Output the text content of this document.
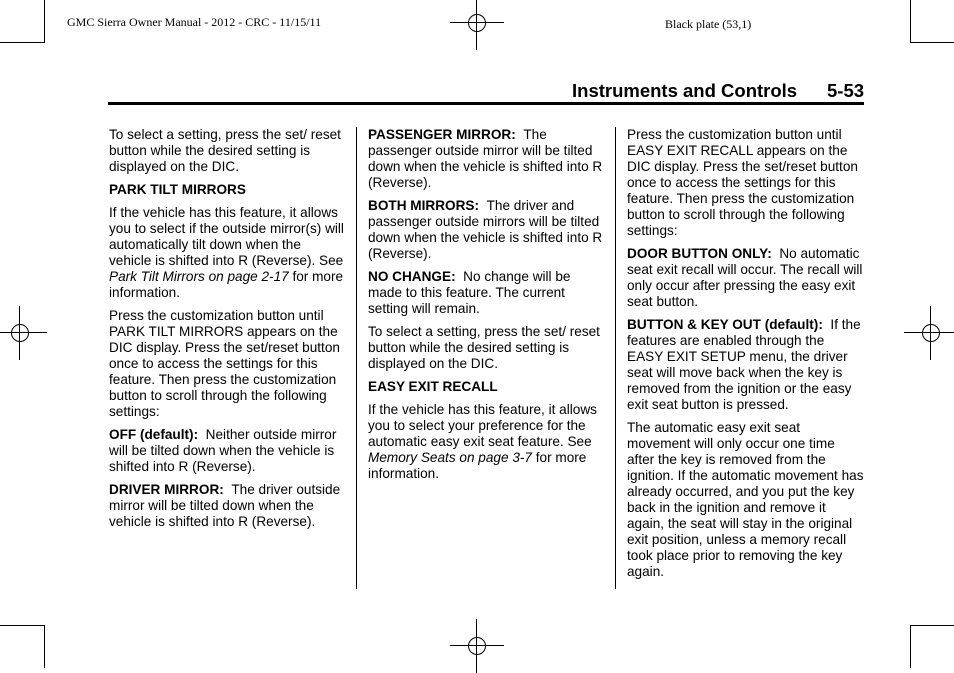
GMC Sierra Owner Manual - 2012 - CRC - 11/15/11	Black plate (53,1)
Instruments and Controls 5-53

To select a setting, press the set/ reset button while the desired setting is displayed on the DIC.

PARK TILT MIRRORS

If the vehicle has this feature, it allows you to select if the outside mirror(s) will automatically tilt down when the vehicle is shifted into R (Reverse). See Park Tilt Mirrors on page 2‑17 for more information.

Press the customization button until PARK TILT MIRRORS appears on the DIC display. Press the set/reset button once to access the settings for this feature. Then press the customization button to scroll through the following settings:

OFF (default): Neither outside mirror will be tilted down when the vehicle is shifted into R (Reverse).

DRIVER MIRROR: The driver outside mirror will be tilted down when the vehicle is shifted into R (Reverse).

PASSENGER MIRROR: The passenger outside mirror will be tilted down when the vehicle is shifted into R (Reverse).

BOTH MIRRORS: The driver and passenger outside mirrors will be tilted down when the vehicle is shifted into R (Reverse).

NO CHANGE: No change will be made to this feature. The current setting will remain.

To select a setting, press the set/ reset button while the desired setting is displayed on the DIC.

EASY EXIT RECALL

If the vehicle has this feature, it allows you to select your preference for the automatic easy exit seat feature. See Memory Seats on page 3‑7 for more information.

Press the customization button until EASY EXIT RECALL appears on the DIC display. Press the set/reset button once to access the settings for this feature. Then press the customization button to scroll through the following settings:

DOOR BUTTON ONLY: No automatic seat exit recall will occur. The recall will only occur after pressing the easy exit seat button.

BUTTON & KEY OUT (default): If the features are enabled through the EASY EXIT SETUP menu, the driver seat will move back when the key is removed from the ignition or the easy exit seat button is pressed.

The automatic easy exit seat movement will only occur one time after the key is removed from the ignition. If the automatic movement has already occurred, and you put the key back in the ignition and remove it again, the seat will stay in the original exit position, unless a memory recall took place prior to removing the key again.
